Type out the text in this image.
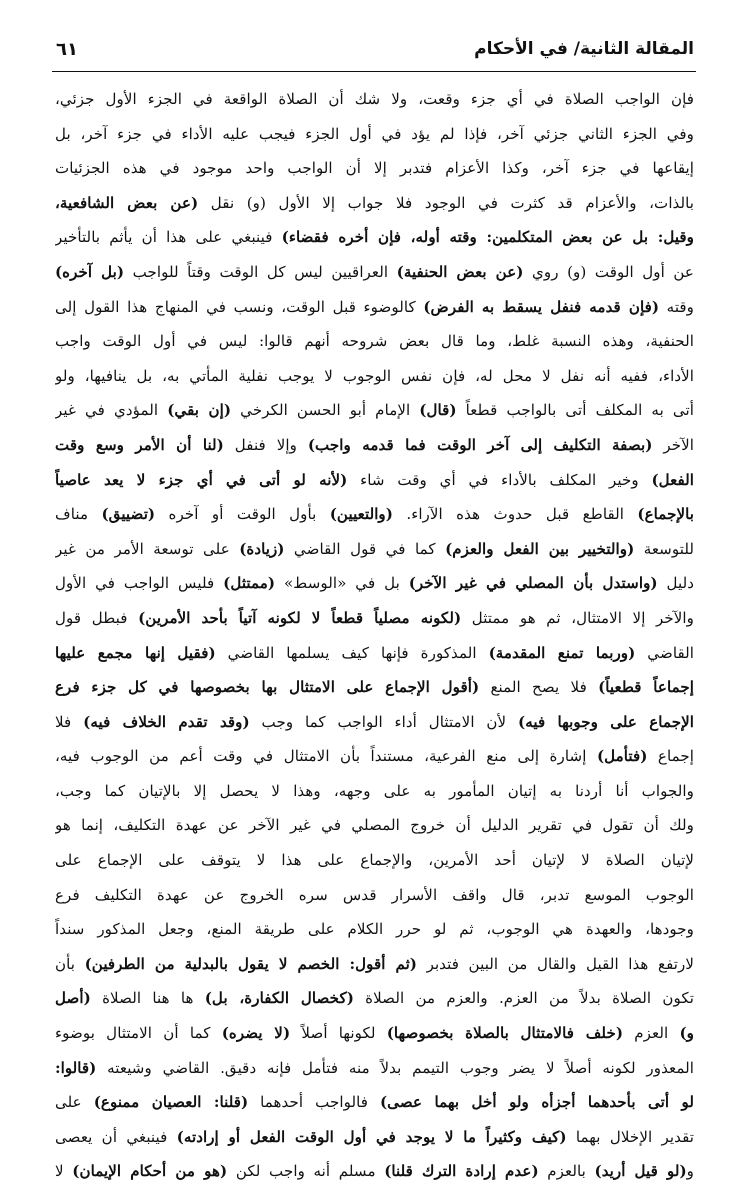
المقالة الثانية/ في الأحكام
٦١
فإن الواجب الصلاة في أي جزء وقعت، ولا شك أن الصلاة الواقعة في الجزء الأول جزئي،
وفي الجزء الثاني جزئي آخر، فإذا لم يؤد في أول الجزء فيجب عليه الأداء في جزء آخر، بل
إيقاعها في جزء آخر، وكذا الأعزام فتدبر إلا أن الواجب واحد موجود في هذه الجزئيات
بالذات، والأعزام قد كثرت في الوجود فلا جواب إلا الأول (و) نقل (عن بعض الشافعية،
وقيل: بل عن بعض المتكلمين: وقته أوله، فإن أخره فقضاء) فينبغي على هذا أن يأثم بالتأخير
عن أول الوقت (و) روي (عن بعض الحنفية) العراقيين ليس كل الوقت وقتاً للواجب (بل آخره)
وقته (فإن قدمه فنفل يسقط به الفرض) كالوضوء قبل الوقت، ونسب في المنهاج هذا القول إلى
الحنفية، وهذه النسبة غلط، وما قال بعض شروحه أنهم قالوا: ليس في أول الوقت واجب
الأداء، ففيه أنه نفل لا محل له، فإن نفس الوجوب لا يوجب نفلية المأتي به، بل ينافيها، ولو
أتى به المكلف أتى بالواجب قطعاً (قال) الإمام أبو الحسن الكرخي (إن بقي) المؤدي في غير
الآخر (بصفة التكليف إلى آخر الوقت فما قدمه واجب) وإلا فنفل (لنا أن الأمر وسع وقت
الفعل) وخير المكلف بالأداء في أي وقت شاء (لأنه لو أتى في أي جزء لا يعد عاصياً
بالإجماع) القاطع قبل حدوث هذه الآراء. (والتعيين) بأول الوقت أو آخره (تضييق) مناف
للتوسعة (والتخيير بين الفعل والعزم) كما في قول القاضي (زيادة) على توسعة الأمر من غير
دليل (واستدل بأن المصلي في غير الآخر) بل في «الوسط» (ممتثل) فليس الواجب في الأول
والآخر إلا الامتثال، ثم هو ممتثل (لكونه مصلياً قطعاً لا لكونه آتياً بأحد الأمرين) فبطل قول
القاضي (وربما تمنع المقدمة) المذكورة فإنها كيف يسلمها القاضي (فقيل إنها مجمع عليها
إجماعاً قطعياً) فلا يصح المنع (أقول الإجماع على الامتثال بها بخصوصها في كل جزء فرع
الإجماع على وجوبها فيه) لأن الامتثال أداء الواجب كما وجب (وقد تقدم الخلاف فيه) فلا
إجماع (فتأمل) إشارة إلى منع الفرعية، مستنداً بأن الامتثال في وقت أعم من الوجوب فيه،
والجواب أنا أردنا به إتيان المأمور به على وجهه، وهذا لا يحصل إلا بالإتيان كما وجب،
ولك أن تقول في تقرير الدليل أن خروج المصلي في غير الآخر عن عهدة التكليف، إنما هو
لإتيان الصلاة لا لإتيان أحد الأمرين، والإجماع على هذا لا يتوقف على الإجماع على
الوجوب الموسع تدبر، قال واقف الأسرار قدس سره الخروج عن عهدة التكليف فرع
وجودها، والعهدة هي الوجوب، ثم لو حرر الكلام على طريقة المنع، وجعل المذكور سنداً
لارتفع هذا القيل والقال من البين فتدبر (ثم أقول: الخصم لا يقول بالبدلية من الطرفين) بأن
تكون الصلاة بدلاً من العزم. والعزم من الصلاة (كخصال الكفارة، بل) ها هنا الصلاة (أصل
و) العزم (خلف فالامتثال بالصلاة بخصوصها) لكونها أصلاً (لا يضره) كما أن الامتثال بوضوء
المعذور لكونه أصلاً لا يضر وجوب التيمم بدلاً منه فتأمل فإنه دقيق. القاضي وشيعته (قالوا:
لو أتى بأحدهما أجزأه ولو أخل بهما عصى) فالواجب أحدهما (قلنا: العصيان ممنوع) على
تقدير الإخلال بهما (كيف وكثيراً ما لا يوجد في أول الوقت الفعل أو إرادته) فينبغي أن يعصى
و(لو قيل أريد) بالعزم (عدم إرادة الترك قلنا) مسلم أنه واجب لكن (هو من أحكام الإيمان) لا
